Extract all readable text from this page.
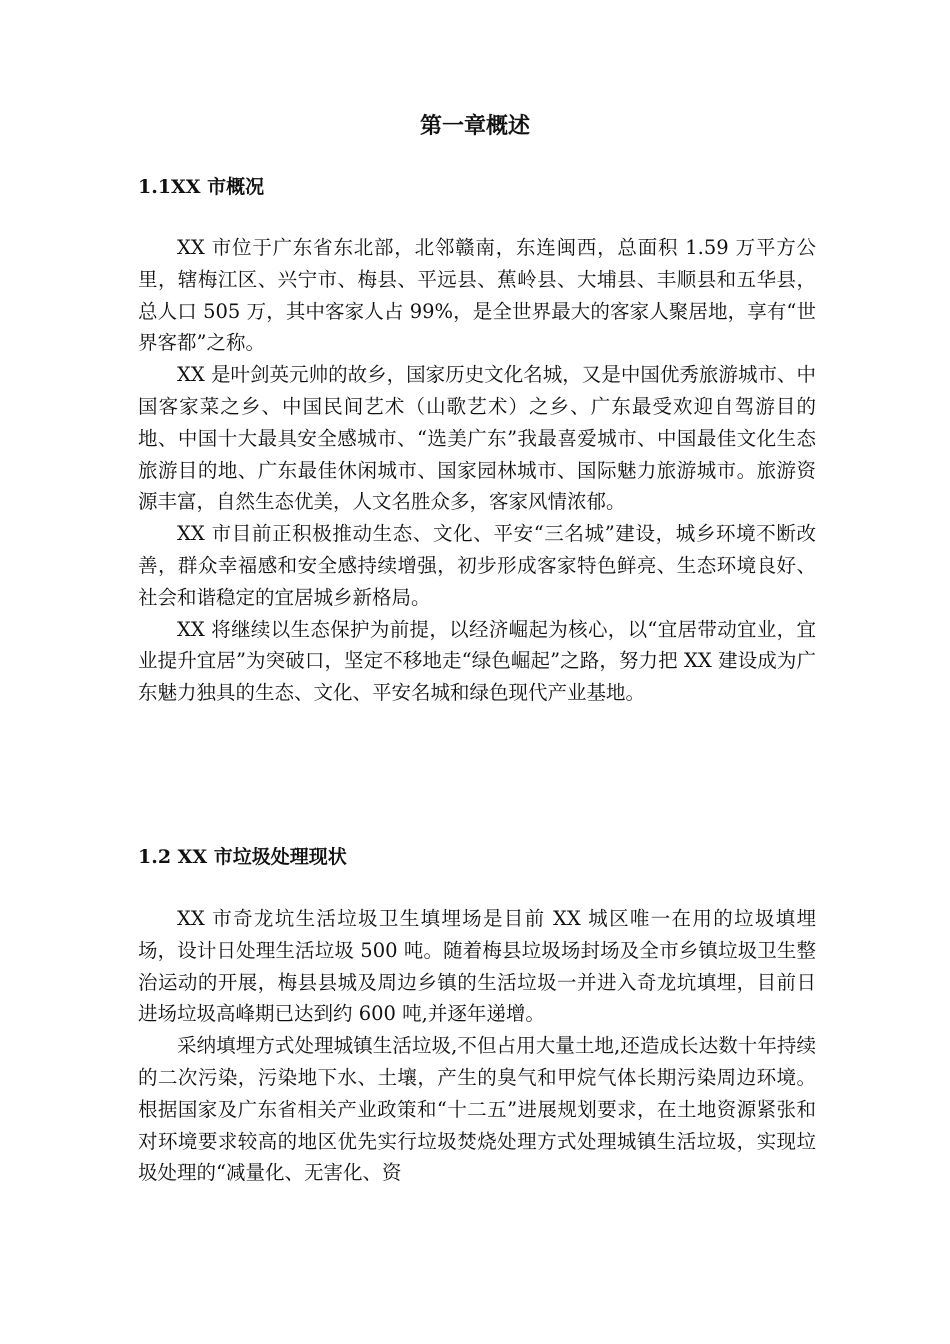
第一章概述
1.1XX 市概况

XX 市位于广东省东北部，北邻赣南，东连闽西，总面积 1.59 万平方公里，辖梅江区、兴宁市、梅县、平远县、蕉岭县、大埔县、丰顺县和五华县，总人口 505 万，其中客家人占 99%，是全世界最大的客家人聚居地，享有“世界客都”之称。

XX 是叶剑英元帅的故乡，国家历史文化名城，又是中国优秀旅游城市、中国客家菜之乡、中国民间艺术（山歌艺术）之乡、广东最受欢迎自驾游目的地、中国十大最具安全感城市、“选美广东”我最喜爱城市、中国最佳文化生态旅游目的地、广东最佳休闲城市、国家园林城市、国际魅力旅游城市。旅游资源丰富，自然生态优美，人文名胜众多，客家风情浓郁。

XX 市目前正积极推动生态、文化、平安“三名城”建设，城乡环境不断改善，群众幸福感和安全感持续增强，初步形成客家特色鲜亮、生态环境良好、社会和谐稳定的宜居城乡新格局。

XX 将继续以生态保护为前提，以经济崛起为核心，以“宜居带动宜业，宜业提升宜居”为突破口，坚定不移地走“绿色崛起”之路，努力把 XX 建设成为广东魅力独具的生态、文化、平安名城和绿色现代产业基地。

1.2 XX 市垃圾处理现状

XX 市奇龙坑生活垃圾卫生填埋场是目前 XX 城区唯一在用的垃圾填埋场，设计日处理生活垃圾 500 吨。随着梅县垃圾场封场及全市乡镇垃圾卫生整治运动的开展，梅县县城及周边乡镇的生活垃圾一并进入奇龙坑填埋，目前日进场垃圾高峰期已达到约 600 吨,并逐年递增。

采纳填埋方式处理城镇生活垃圾,不但占用大量土地,还造成长达数十年持续的二次污染，污染地下水、土壤，产生的臭气和甲烷气体长期污染周边环境。根据国家及广东省相关产业政策和“十二五”进展规划要求，在土地资源紧张和对环境要求较高的地区优先实行垃圾焚烧处理方式处理城镇生活垃圾，实现垃圾处理的“减量化、无害化、资
